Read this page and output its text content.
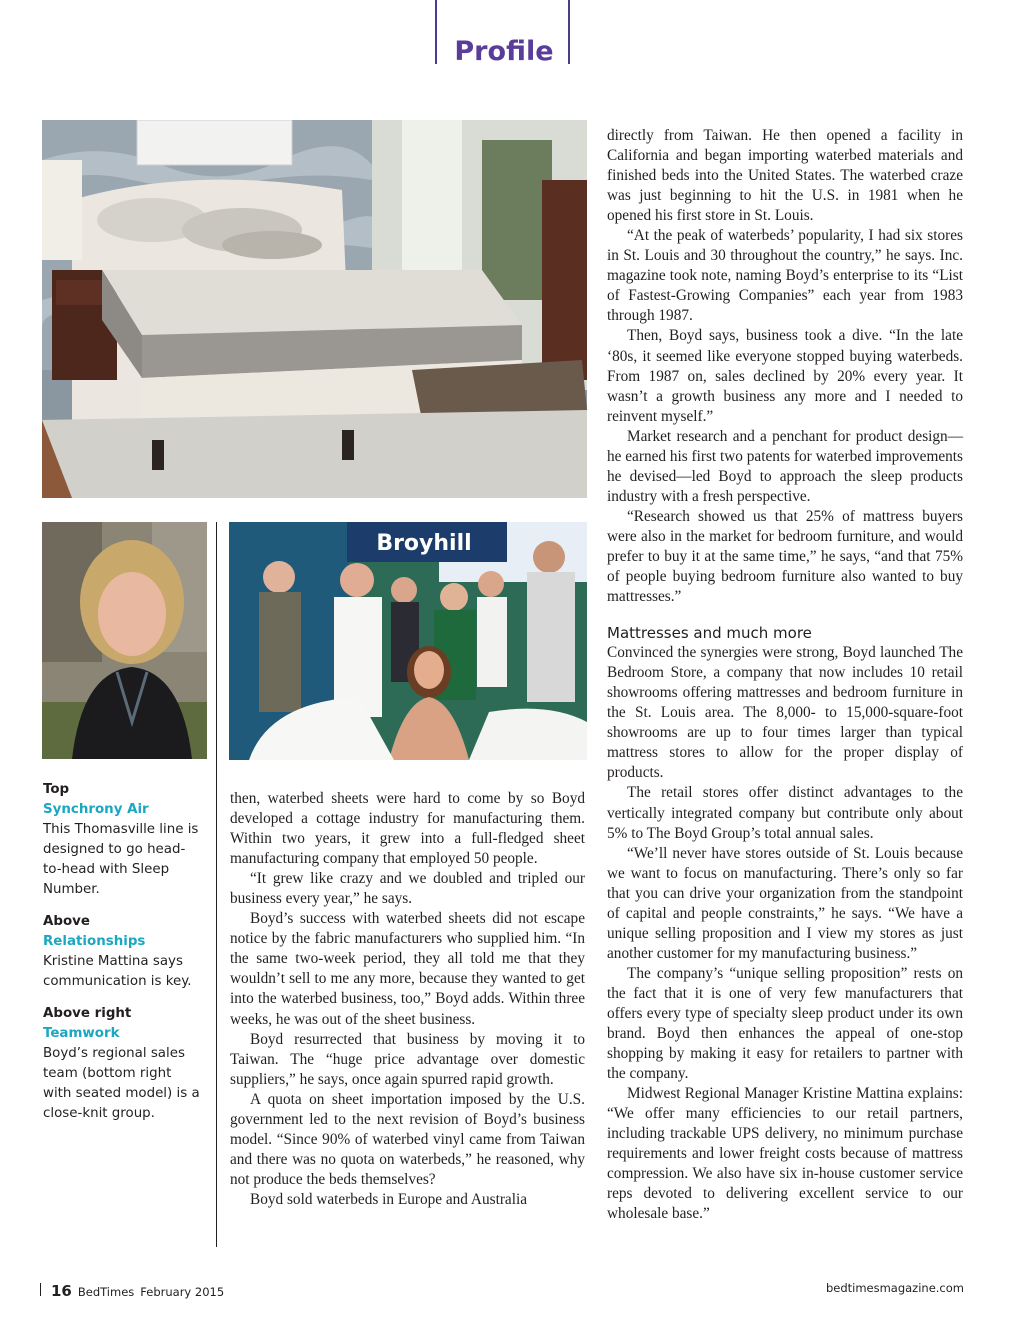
Profile
Broyhill
Top
Synchrony Air
This Thomasville line is designed to go head-to-head with Sleep Number.
Above
Relationships
Kristine Mattina says communication is key.
Above right
Teamwork
Boyd’s regional sales team (bottom right with seated model) is a close-knit group.

then, waterbed sheets were hard to come by so Boyd developed a cottage industry for manufacturing them. Within two years, it grew into a full-fledged sheet manufacturing company that employed 50 people.

“It grew like crazy and we doubled and tripled our business every year,” he says.

Boyd’s success with waterbed sheets did not escape notice by the fabric manufacturers who supplied him. “In the same two-week period, they all told me that they wouldn’t sell to me any more, because they wanted to get into the waterbed business, too,” Boyd adds. Within three weeks, he was out of the sheet business.

Boyd resurrected that business by moving it to Taiwan. The “huge price advantage over domestic suppliers,” he says, once again spurred rapid growth.

A quota on sheet importation imposed by the U.S. government led to the next revision of Boyd’s business model. “Since 90% of waterbed vinyl came from Taiwan and there was no quota on waterbeds,” he reasoned, why not produce the beds themselves?

Boyd sold waterbeds in Europe and Australia

directly from Taiwan. He then opened a facility in California and began importing waterbed materials and finished beds into the United States. The waterbed craze was just beginning to hit the U.S. in 1981 when he opened his first store in St. Louis.

“At the peak of waterbeds’ popularity, I had six stores in St. Louis and 30 throughout the country,” he says. Inc. magazine took note, naming Boyd’s enterprise to its “List of Fastest-Growing Companies” each year from 1983 through 1987.

Then, Boyd says, business took a dive. “In the late ‘80s, it seemed like everyone stopped buying waterbeds. From 1987 on, sales declined by 20% every year. It wasn’t a growth business any more and I needed to reinvent myself.”

Market research and a penchant for product design—he earned his first two patents for waterbed improvements he devised—led Boyd to approach the sleep products industry with a fresh perspective.

“Research showed us that 25% of mattress buyers were also in the market for bedroom furniture, and would prefer to buy it at the same time,” he says, “and that 75% of people buying bedroom furniture also wanted to buy mattresses.”

Mattresses and much more

Convinced the synergies were strong, Boyd launched The Bedroom Store, a company that now includes 10 retail showrooms offering mattresses and bedroom furniture in the St. Louis area. The 8,000- to 15,000-square-foot showrooms are up to four times larger than typical mattress stores to allow for the proper display of products.

The retail stores offer distinct advantages to the vertically integrated company but contribute only about 5% to The Boyd Group’s total annual sales.

“We’ll never have stores outside of St. Louis because we want to focus on manufacturing. There’s only so far that you can drive your organization from the standpoint of capital and people constraints,” he says. “We have a unique selling proposition and I view my stores as just another customer for my manufacturing business.”

The company’s “unique selling proposition” rests on the fact that it is one of very few manufacturers that offers every type of specialty sleep product under its own brand. Boyd then enhances the appeal of one-stop shopping by making it easy for retailers to partner with the company.

Midwest Regional Manager Kristine Mattina explains: “We offer many efficiencies to our retail partners, including trackable UPS delivery, no minimum purchase requirements and lower freight costs because of mattress compression. We also have six in-house customer service reps devoted to delivering excellent service to our wholesale base.”

16 BedTimes February 2015	bedtimesmagazine.com
